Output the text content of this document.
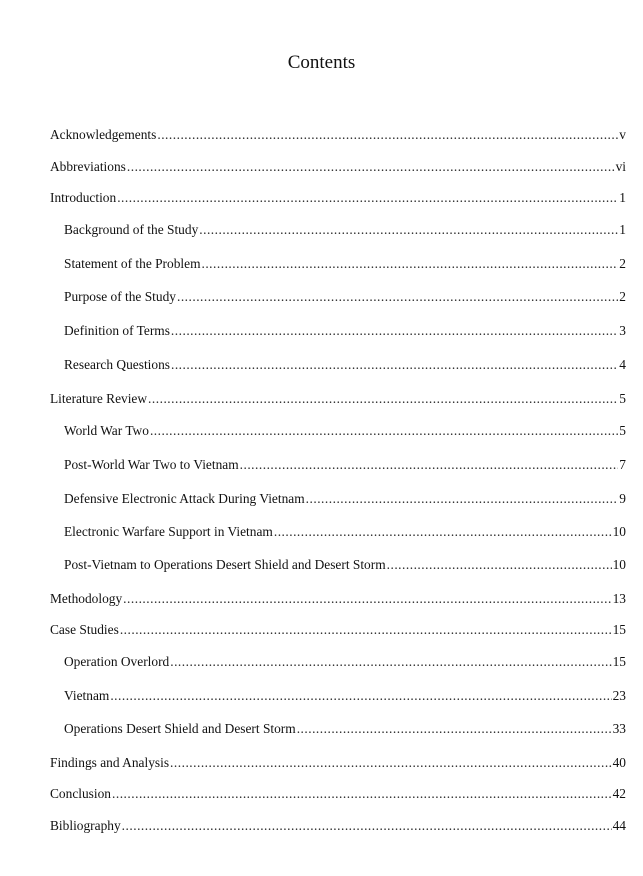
Contents
Acknowledgements .....	v
Abbreviations .....	vi
Introduction .....	1
Background of the Study .....	1
Statement of the Problem .....	2
Purpose of the Study .....	2
Definition of Terms .....	3
Research Questions .....	4
Literature Review .....	5
World War Two .....	5
Post-World War Two to Vietnam .....	7
Defensive Electronic Attack During Vietnam .....	9
Electronic Warfare Support in Vietnam .....	10
Post-Vietnam to Operations Desert Shield and Desert Storm .....	10
Methodology .....	13
Case Studies .....	15
Operation Overlord .....	15
Vietnam .....	23
Operations Desert Shield and Desert Storm .....	33
Findings and Analysis .....	40
Conclusion .....	42
Bibliography .....	44
